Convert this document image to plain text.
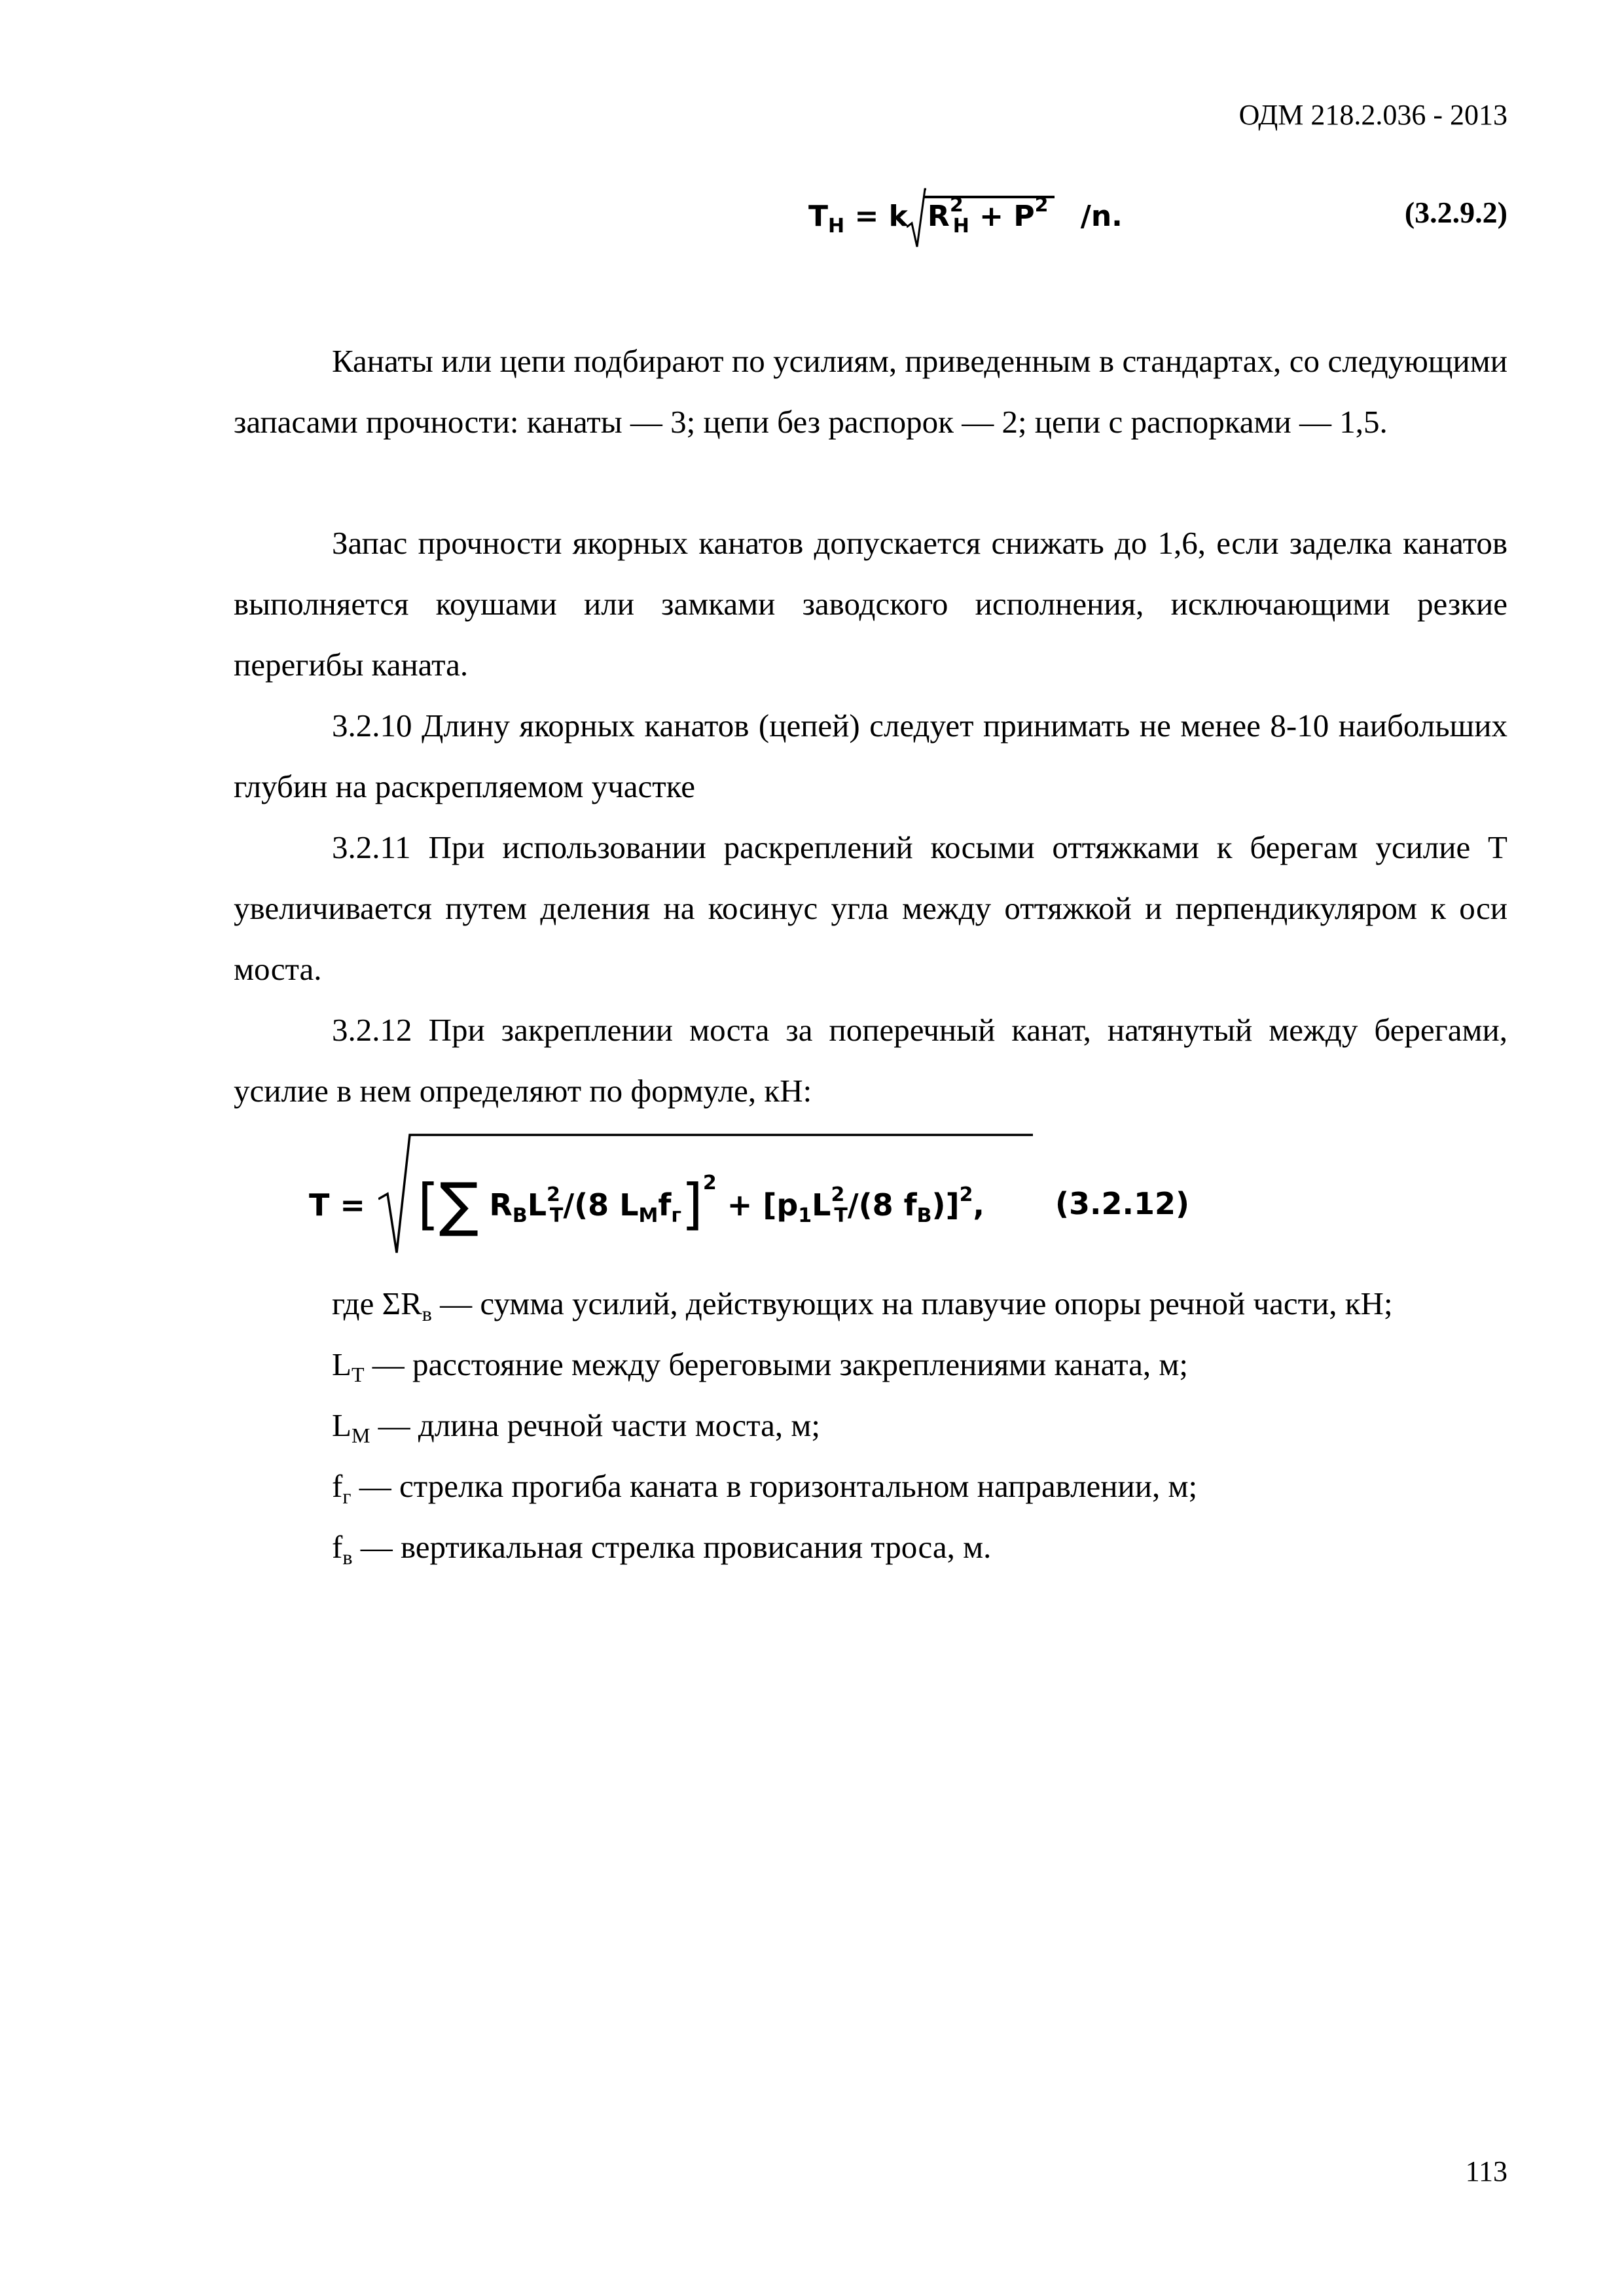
ОДМ 218.2.036 - 2013
$T_H = k$ $R^2_H + P^2$ /n.	(3.2.9.2)
Канаты или цепи подбирают по усилиям, приведенным в стандартах, со следующими запасами прочности: канаты — 3; цепи без распорок — 2; цепи с распорками — 1,5.
Запас прочности якорных канатов допускается снижать до 1,6, если заделка канатов выполняется коушами или замками заводского исполнения, исключающими резкие перегибы каната.
3.2.10 Длину якорных канатов (цепей) следует принимать не менее 8-10 наибольших глубин на раскрепляемом участке
3.2.11 При использовании раскреплений косыми оттяжками к берегам усилие Т увеличивается путем деления на косинус угла между оттяжкой и перпендикуляром к оси моста.
3.2.12 При закреплении моста за поперечный канат, натянутый между берегами, усилие в нем определяют по формуле, кН:
T = [∑ $R_BL^2_T/(8$ $L_Mf_г]^2 + [p_1L^2_T/(8$ $f_B)]^2$, (3.2.12)
где $\Sigma R_в$ — сумма усилий, действующих на плавучие опоры речной части, кН;
$L_T$ — расстояние между береговыми закреплениями каната, м;
$L_M$ — длина речной части моста, м;
$f_г$ — стрелка прогиба каната в горизонтальном направлении, м;
$f_в$ — вертикальная стрелка провисания троса, м.
113
